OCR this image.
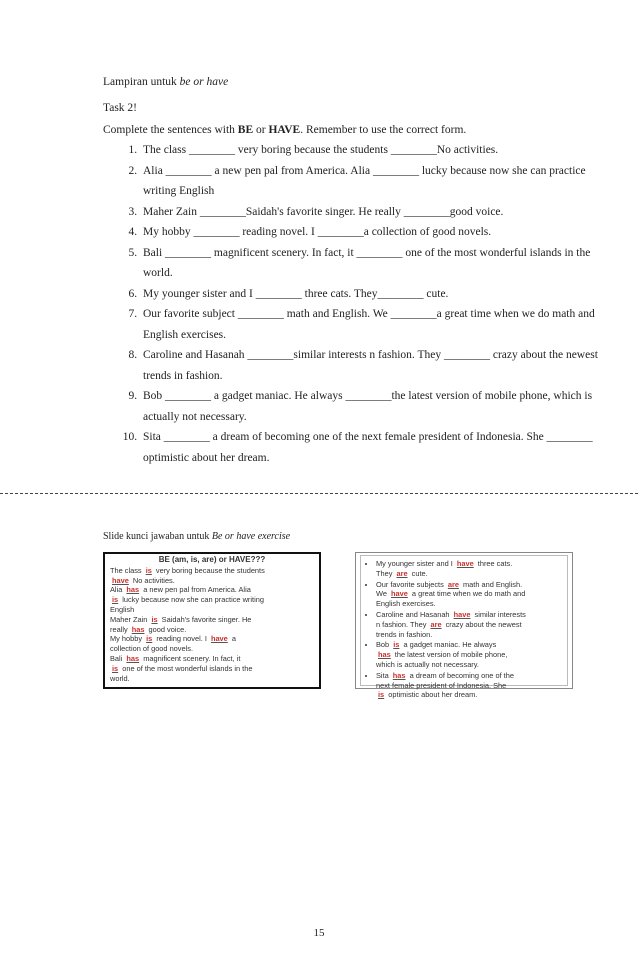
Lampiran untuk be or have
Task 2!
Complete the sentences with BE or HAVE. Remember to use the correct form.
1. The class ________ very boring because the students ________No activities.
2. Alia ________ a new pen pal from America. Alia ________ lucky because now she can practice writing English
3. Maher Zain ________Saidah's favorite singer. He really ________good voice.
4. My hobby ________ reading novel. I ________a collection of good novels.
5. Bali ________ magnificent scenery. In fact, it ________ one of the most wonderful islands in the world.
6. My younger sister and I ________ three cats. They________ cute.
7. Our favorite subject ________ math and English. We ________a great time when we do math and English exercises.
8. Caroline and Hasanah ________similar interests n fashion. They ________ crazy about the newest trends in fashion.
9. Bob ________ a gadget maniac. He always ________the latest version of mobile phone, which is actually not necessary.
10. Sita ________ a dream of becoming one of the next female president of Indonesia. She ________ optimistic about her dream.
Slide kunci jawaban untuk Be or have exercise
BE (am, is, are) or HAVE???
The class is very boring because the students
have No activities.
Alia has a new pen pal from America. Alia
is lucky because now she can practice writing
English
Maher Zain is Saidah's favorite singer. He
really has good voice.
My hobby is reading novel. I have a
collection of good novels.
Bali has magnificent scenery. In fact, it
is one of the most wonderful islands in the
world.
• My younger sister and I have three cats.
They are cute.
• Our favorite subjects are math and English.
We have a great time when we do math and
English exercises.
• Caroline and Hasanah have similar interests
n fashion. They are crazy about the newest
trends in fashion.
• Bob is a gadget maniac. He always
has the latest version of mobile phone,
which is actually not necessary.
• Sita has a dream of becoming one of the
next female president of Indonesia. She
is optimistic about her dream.
15
